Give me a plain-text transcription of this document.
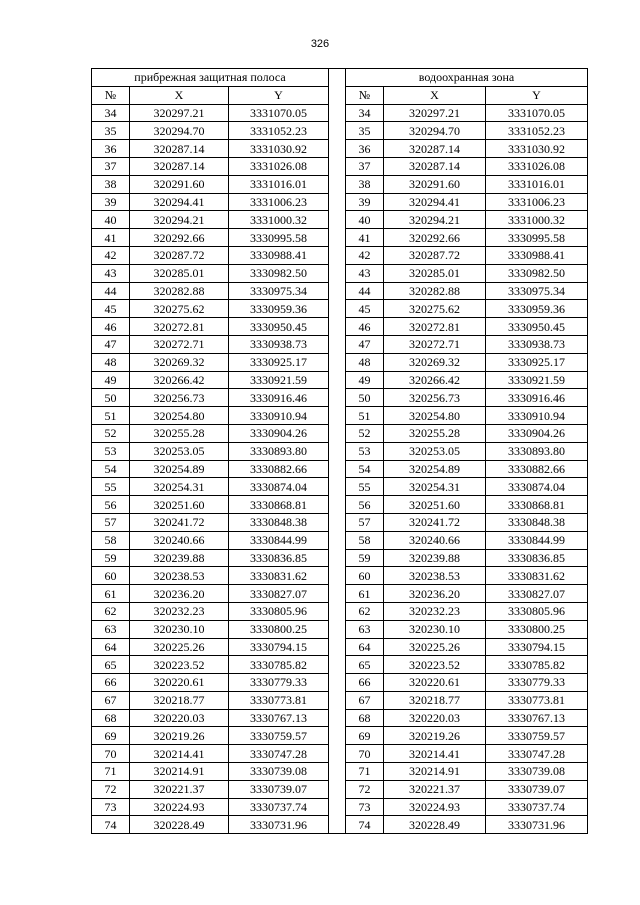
326
прибрежная защитная полоса				водоохранная зона		
№	X	Y		№	X	Y
34	320297.21	3331070.05		34	320297.21	3331070.05
35	320294.70	3331052.23		35	320294.70	3331052.23
36	320287.14	3331030.92		36	320287.14	3331030.92
37	320287.14	3331026.08		37	320287.14	3331026.08
38	320291.60	3331016.01		38	320291.60	3331016.01
39	320294.41	3331006.23		39	320294.41	3331006.23
40	320294.21	3331000.32		40	320294.21	3331000.32
41	320292.66	3330995.58		41	320292.66	3330995.58
42	320287.72	3330988.41		42	320287.72	3330988.41
43	320285.01	3330982.50		43	320285.01	3330982.50
44	320282.88	3330975.34		44	320282.88	3330975.34
45	320275.62	3330959.36		45	320275.62	3330959.36
46	320272.81	3330950.45		46	320272.81	3330950.45
47	320272.71	3330938.73		47	320272.71	3330938.73
48	320269.32	3330925.17		48	320269.32	3330925.17
49	320266.42	3330921.59		49	320266.42	3330921.59
50	320256.73	3330916.46		50	320256.73	3330916.46
51	320254.80	3330910.94		51	320254.80	3330910.94
52	320255.28	3330904.26		52	320255.28	3330904.26
53	320253.05	3330893.80		53	320253.05	3330893.80
54	320254.89	3330882.66		54	320254.89	3330882.66
55	320254.31	3330874.04		55	320254.31	3330874.04
56	320251.60	3330868.81		56	320251.60	3330868.81
57	320241.72	3330848.38		57	320241.72	3330848.38
58	320240.66	3330844.99		58	320240.66	3330844.99
59	320239.88	3330836.85		59	320239.88	3330836.85
60	320238.53	3330831.62		60	320238.53	3330831.62
61	320236.20	3330827.07		61	320236.20	3330827.07
62	320232.23	3330805.96		62	320232.23	3330805.96
63	320230.10	3330800.25		63	320230.10	3330800.25
64	320225.26	3330794.15		64	320225.26	3330794.15
65	320223.52	3330785.82		65	320223.52	3330785.82
66	320220.61	3330779.33		66	320220.61	3330779.33
67	320218.77	3330773.81		67	320218.77	3330773.81
68	320220.03	3330767.13		68	320220.03	3330767.13
69	320219.26	3330759.57		69	320219.26	3330759.57
70	320214.41	3330747.28		70	320214.41	3330747.28
71	320214.91	3330739.08		71	320214.91	3330739.08
72	320221.37	3330739.07		72	320221.37	3330739.07
73	320224.93	3330737.74		73	320224.93	3330737.74
74	320228.49	3330731.96		74	320228.49	3330731.96
